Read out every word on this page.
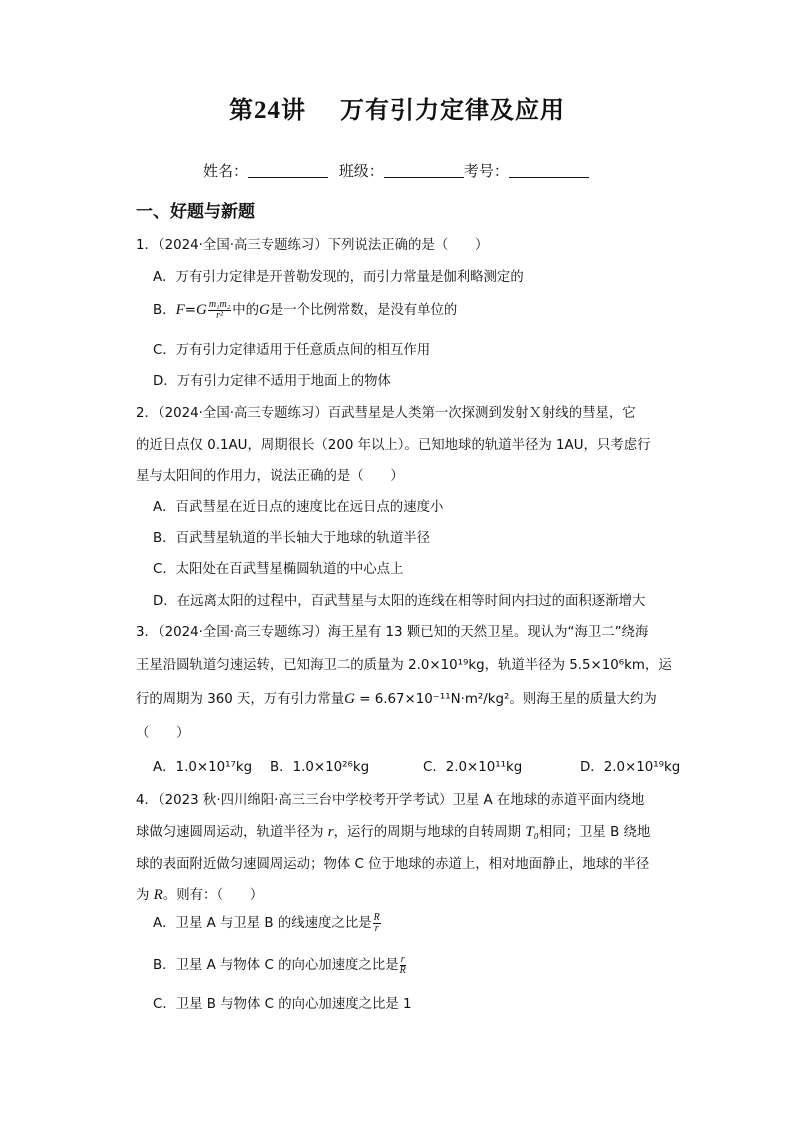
第24讲 万有引力定律及应用
姓名：	班级：	考号：
一、好题与新题
1．（2024·全国·高三专题练习）下列说法正确的是（　　）
A．万有引力定律是开普勒发现的，而引力常量是伽利略测定的
B．$F=G \frac{\text{m₁m₂}}{\text{r²}}$ 中的G是一个比例常数，是没有单位的
C．万有引力定律适用于任意质点间的相互作用
D．万有引力定律不适用于地面上的物体
2．（2024·全国·高三专题练习）百武彗星是人类第一次探测到发射Ｘ射线的彗星，它
的近日点仅 0.1AU，周期很长（200 年以上）。已知地球的轨道半径为 1AU，只考虑行
星与太阳间的作用力，说法正确的是（　　）
A．百武彗星在近日点的速度比在远日点的速度小
B．百武彗星轨道的半长轴大于地球的轨道半径
C．太阳处在百武彗星椭圆轨道的中心点上
D．在远离太阳的过程中，百武彗星与太阳的连线在相等时间内扫过的面积逐渐增大
3．（2024·全国·高三专题练习）海王星有 13 颗已知的天然卫星。现认为“海卫二”绕海
王星沿圆轨道匀速运转，已知海卫二的质量为 2.0×10¹⁹kg，轨道半径为 5.5×10⁶km，运
行的周期为 360 天，万有引力常量G = 6.67×10⁻¹¹N·m²/kg²。则海王星的质量大约为
（　　）
A．1.0×10¹⁷kg B．1.0×10²⁶kg	C．2.0×10¹¹kg	D．2.0×10¹⁹kg
4．（2023 秋·四川绵阳·高三三台中学校考开学考试）卫星 A 在地球的赤道平面内绕地
球做匀速圆周运动，轨道半径为 r，运行的周期与地球的自转周期 T₀相同；卫星 B 绕地
球的表面附近做匀速圆周运动；物体 C 位于地球的赤道上，相对地面静止，地球的半径
为 R。则有：（　　）
A．卫星 A 与卫星 B 的线速度之比是 $\frac{R}{r}$
B．卫星 A 与物体 C 的向心加速度之比是 $\frac{r}{R}$
C．卫星 B 与物体 C 的向心加速度之比是 1
